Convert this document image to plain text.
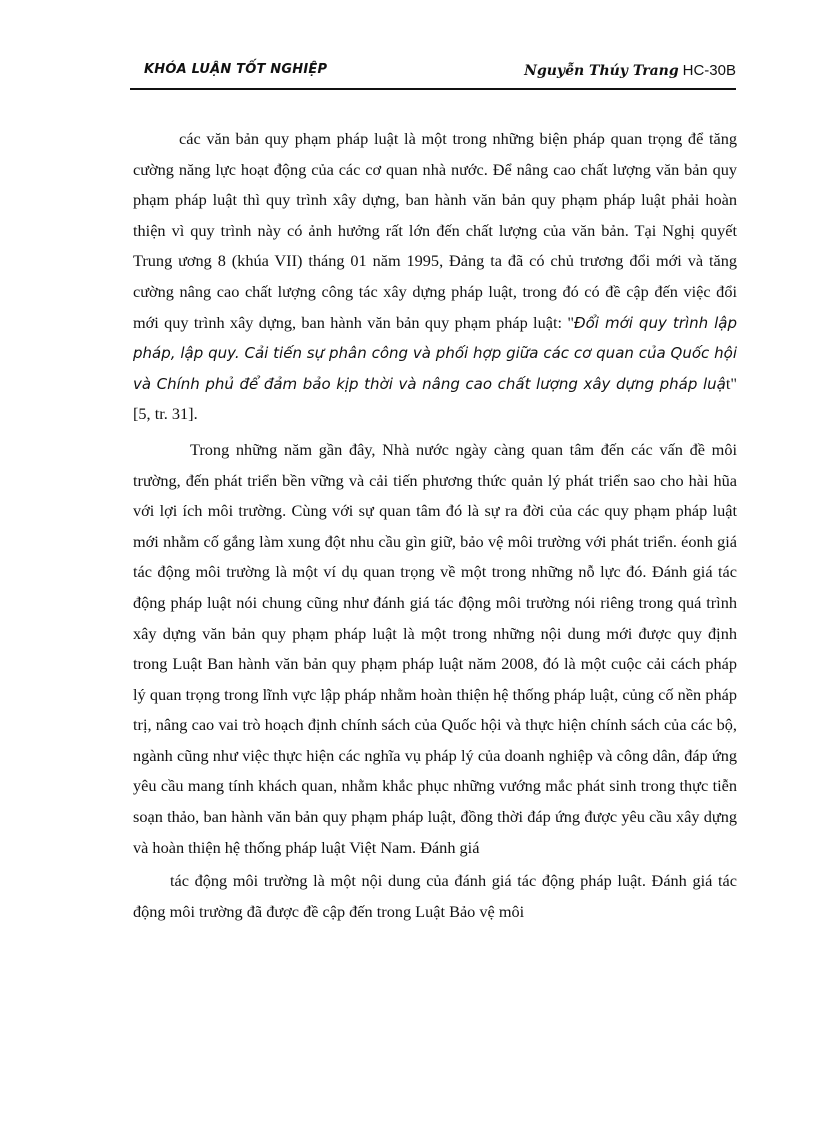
KHÓA LUẬN TỐT NGHIỆP	Nguyễn Thúy Trang HC-30B

các văn bản quy phạm pháp luật là một trong những biện pháp quan trọng để tăng cường năng lực hoạt động của các cơ quan nhà nước. Để nâng cao chất lượng văn bản quy phạm pháp luật thì quy trình xây dựng, ban hành văn bản quy phạm pháp luật phải hoàn thiện vì quy trình này có ảnh hưởng rất lớn đến chất lượng của văn bản. Tại Nghị quyết Trung ương 8 (khúa VII) tháng 01 năm 1995, Đảng ta đã có chủ trương đổi mới và tăng cường nâng cao chất lượng công tác xây dựng pháp luật, trong đó có đề cập đến việc đổi mới quy trình xây dựng, ban hành văn bản quy phạm pháp luật: "Đổi mới quy trình lập pháp, lập quy. Cải tiến sự phân công và phối hợp giữa các cơ quan của Quốc hội và Chính phủ để đảm bảo kịp thời và nâng cao chất lượng xây dựng pháp luật" [5, tr. 31].

Trong những năm gần đây, Nhà nước ngày càng quan tâm đến các vấn đề môi trường, đến phát triển bền vững và cải tiến phương thức quản lý phát triển sao cho hài hũa với lợi ích môi trường. Cùng với sự quan tâm đó là sự ra đời của các quy phạm pháp luật mới nhằm cố gắng làm xung đột nhu cầu gìn giữ, bảo vệ môi trường với phát triển. éonh giá tác động môi trường là một ví dụ quan trọng về một trong những nỗ lực đó. Đánh giá tác động pháp luật nói chung cũng như đánh giá tác động môi trường nói riêng trong quá trình xây dựng văn bản quy phạm pháp luật là một trong những nội dung mới được quy định trong Luật Ban hành văn bản quy phạm pháp luật năm 2008, đó là một cuộc cải cách pháp lý quan trọng trong lĩnh vực lập pháp nhằm hoàn thiện hệ thống pháp luật, củng cố nền pháp trị, nâng cao vai trò hoạch định chính sách của Quốc hội và thực hiện chính sách của các bộ, ngành cũng như việc thực hiện các nghĩa vụ pháp lý của doanh nghiệp và công dân, đáp ứng yêu cầu mang tính khách quan, nhằm khắc phục những vướng mắc phát sinh trong thực tiễn soạn thảo, ban hành văn bản quy phạm pháp luật, đồng thời đáp ứng được yêu cầu xây dựng và hoàn thiện hệ thống pháp luật Việt Nam. Đánh giá

tác động môi trường là một nội dung của đánh giá tác động pháp luật. Đánh giá tác động môi trường đã được đề cập đến trong Luật Bảo vệ môi
